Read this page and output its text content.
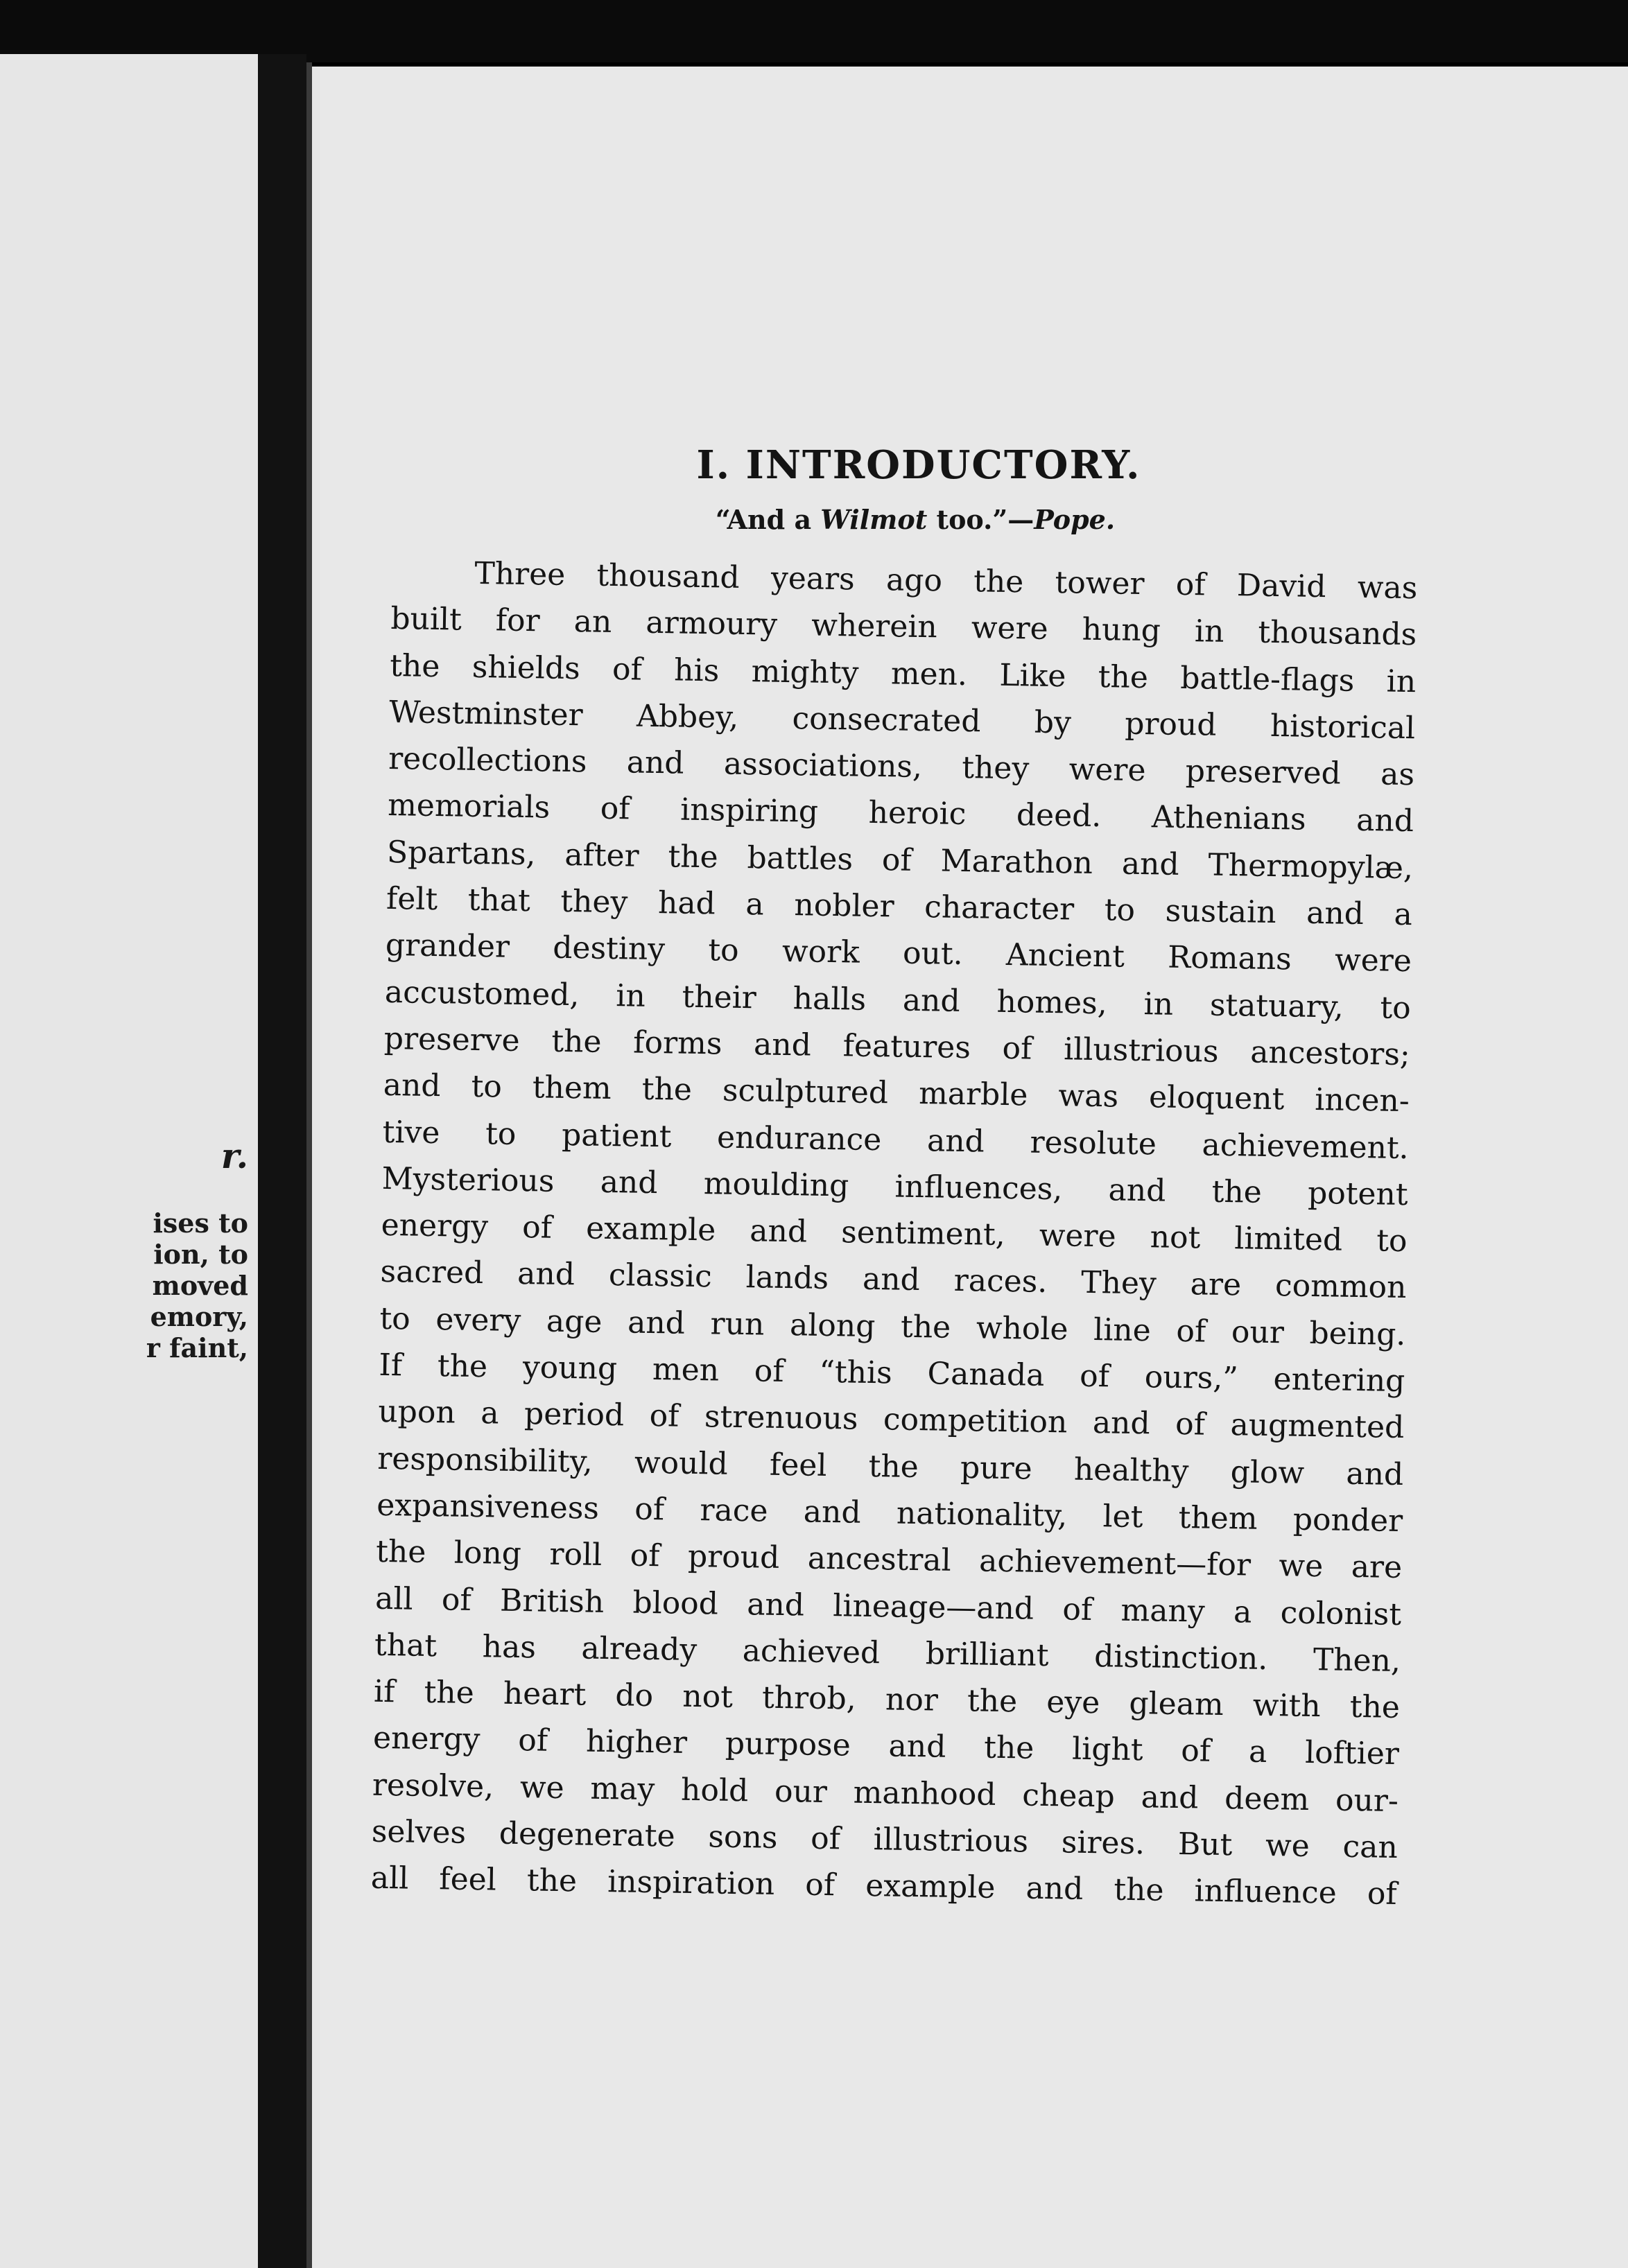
r.
ises to
ion, to
moved
emory,
r faint,
I. INTRODUCTORY.
“And a Wilmot too.”—Pope.

Three thousand years ago the tower of David was
built for an armoury wherein were hung in thousands
the shields of his mighty men. Like the battle-flags in
Westminster Abbey, consecrated by proud historical
recollections and associations, they were preserved as
memorials of inspiring heroic deed. Athenians and
Spartans, after the battles of Marathon and Thermopylæ,
felt that they had a nobler character to sustain and a
grander destiny to work out. Ancient Romans were
accustomed, in their halls and homes, in statuary, to
preserve the forms and features of illustrious ancestors;
and to them the sculptured marble was eloquent incen-
tive to patient endurance and resolute achievement.
Mysterious and moulding influences, and the potent
energy of example and sentiment, were not limited to
sacred and classic lands and races. They are common
to every age and run along the whole line of our being.
If the young men of “this Canada of ours,” entering
upon a period of strenuous competition and of augmented
responsibility, would feel the pure healthy glow and
expansiveness of race and nationality, let them ponder
the long roll of proud ancestral achievement—for we are
all of British blood and lineage—and of many a colonist
that has already achieved brilliant distinction. Then,
if the heart do not throb, nor the eye gleam with the
energy of higher purpose and the light of a loftier
resolve, we may hold our manhood cheap and deem our-
selves degenerate sons of illustrious sires. But we can
all feel the inspiration of example and the influence of
